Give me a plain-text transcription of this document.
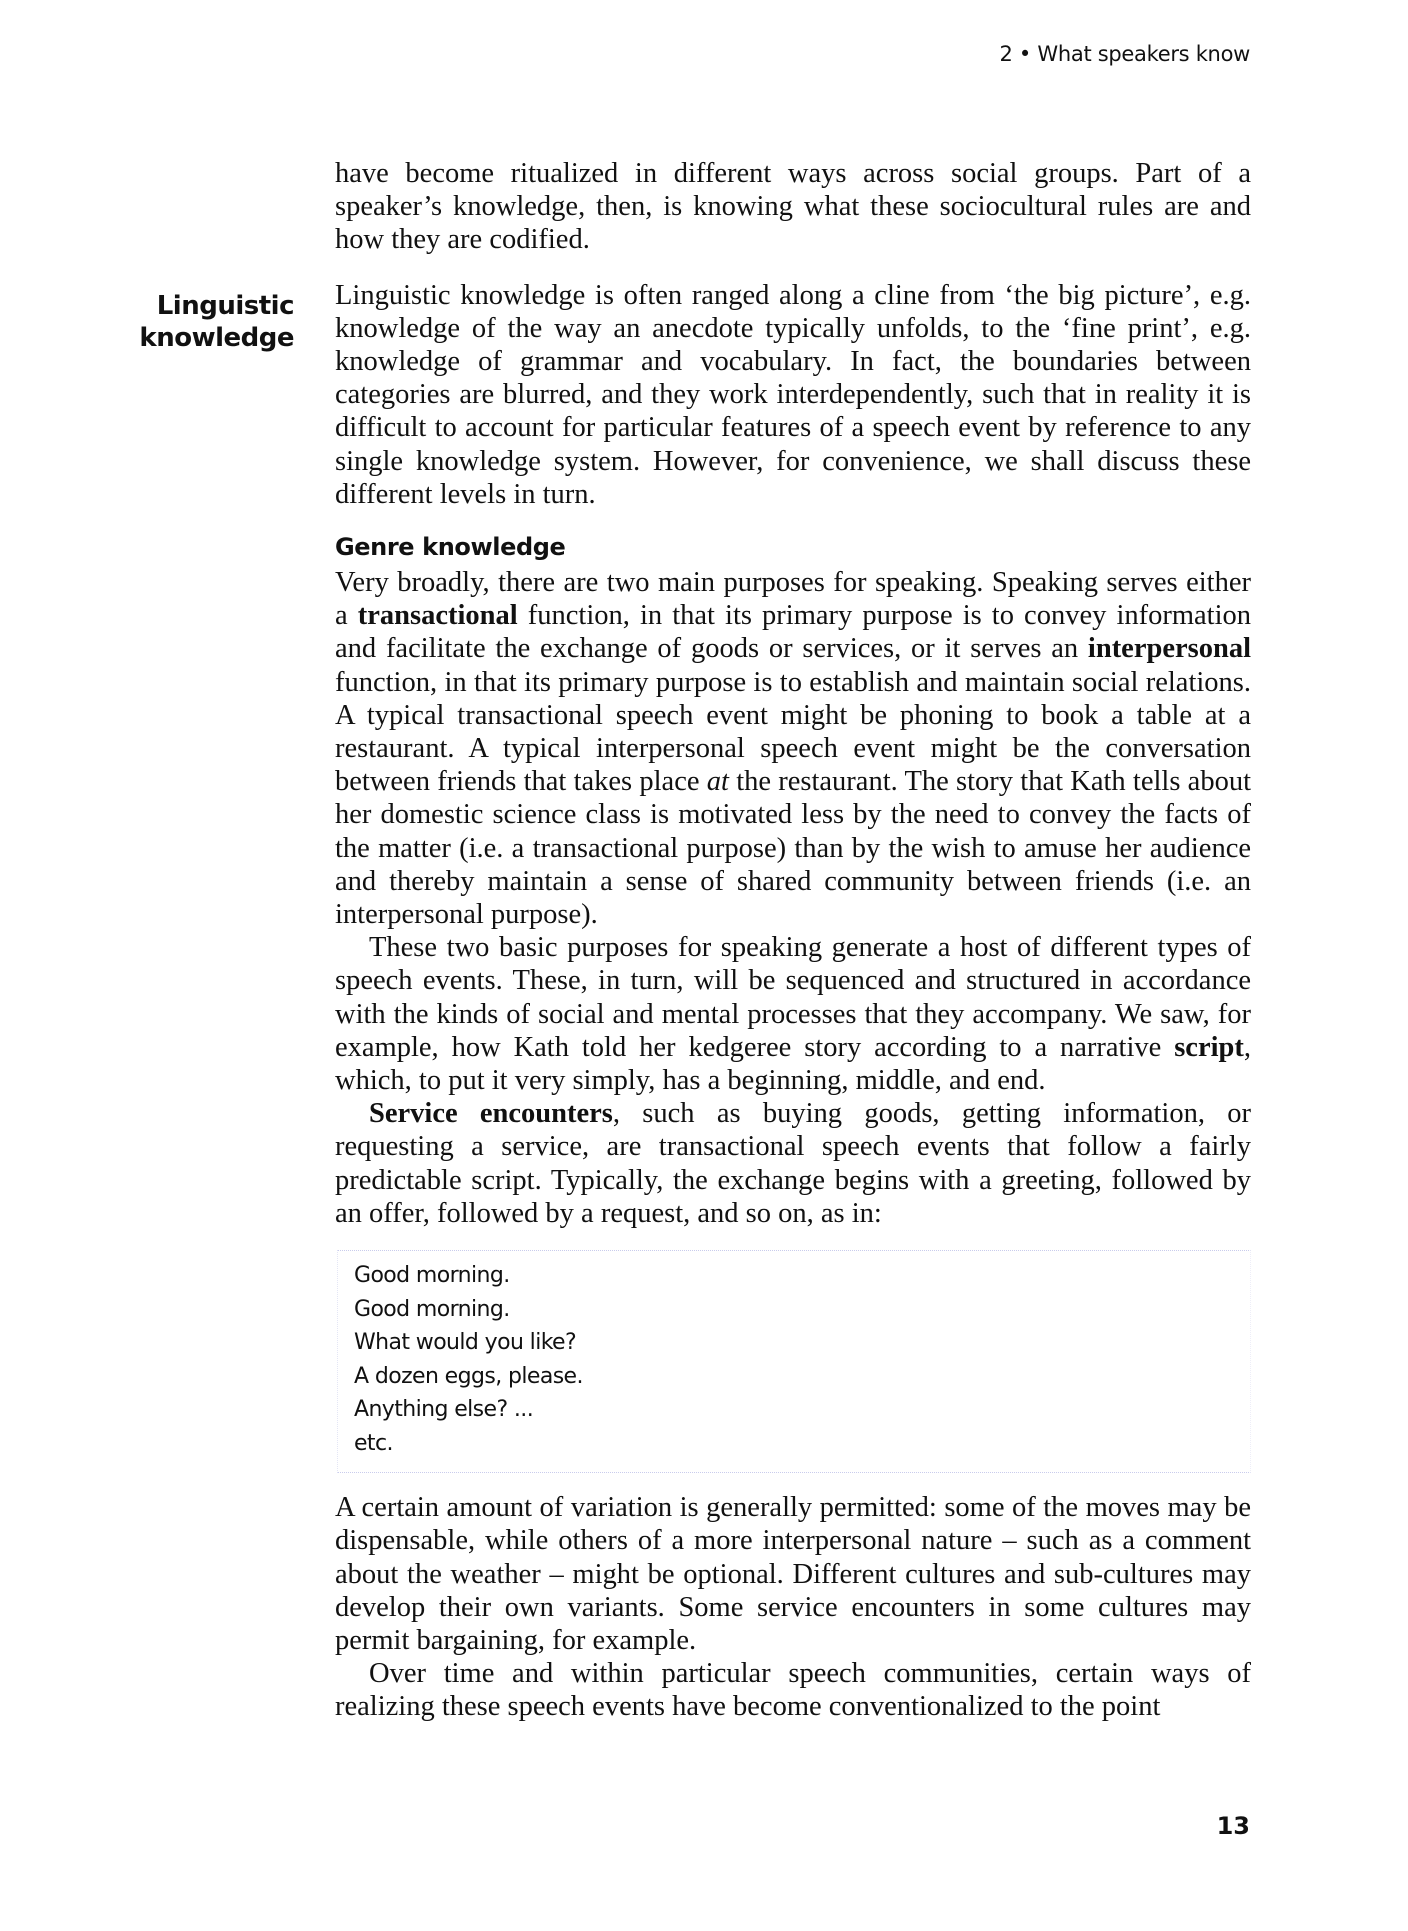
2 • What speakers know
Linguistic
knowledge

have become ritualized in different ways across social groups. Part of a speaker’s knowledge, then, is knowing what these sociocultural rules are and how they are codified.

Linguistic knowledge is often ranged along a cline from ‘the big picture’, e.g. knowledge of the way an anecdote typically unfolds, to the ‘fine print’, e.g. knowledge of grammar and vocabulary. In fact, the boundaries between categories are blurred, and they work interdependently, such that in reality it is difficult to account for particular features of a speech event by reference to any single knowledge system. However, for convenience, we shall discuss these different levels in turn.

Genre knowledge

Very broadly, there are two main purposes for speaking. Speaking serves either a transactional function, in that its primary purpose is to convey information and facilitate the exchange of goods or services, or it serves an interpersonal function, in that its primary purpose is to establish and maintain social relations. A typical transactional speech event might be phoning to book a table at a restaurant. A typical interpersonal speech event might be the conversation between friends that takes place at the restaurant. The story that Kath tells about her domestic science class is motivated less by the need to convey the facts of the matter (i.e. a transactional purpose) than by the wish to amuse her audience and thereby maintain a sense of shared community between friends (i.e. an interpersonal purpose).

These two basic purposes for speaking generate a host of different types of speech events. These, in turn, will be sequenced and structured in accordance with the kinds of social and mental processes that they accompany. We saw, for example, how Kath told her kedgeree story according to a narrative script, which, to put it very simply, has a beginning, middle, and end.

Service encounters, such as buying goods, getting information, or requesting a service, are transactional speech events that follow a fairly predictable script. Typically, the exchange begins with a greeting, followed by an offer, followed by a request, and so on, as in:

Good morning.
Good morning.
What would you like?
A dozen eggs, please.
Anything else? ...
etc.

A certain amount of variation is generally permitted: some of the moves may be dispensable, while others of a more interpersonal nature – such as a comment about the weather – might be optional. Different cultures and sub-cultures may develop their own variants. Some service encounters in some cultures may permit bargaining, for example.

Over time and within particular speech communities, certain ways of realizing these speech events have become conventionalized to the point

13
